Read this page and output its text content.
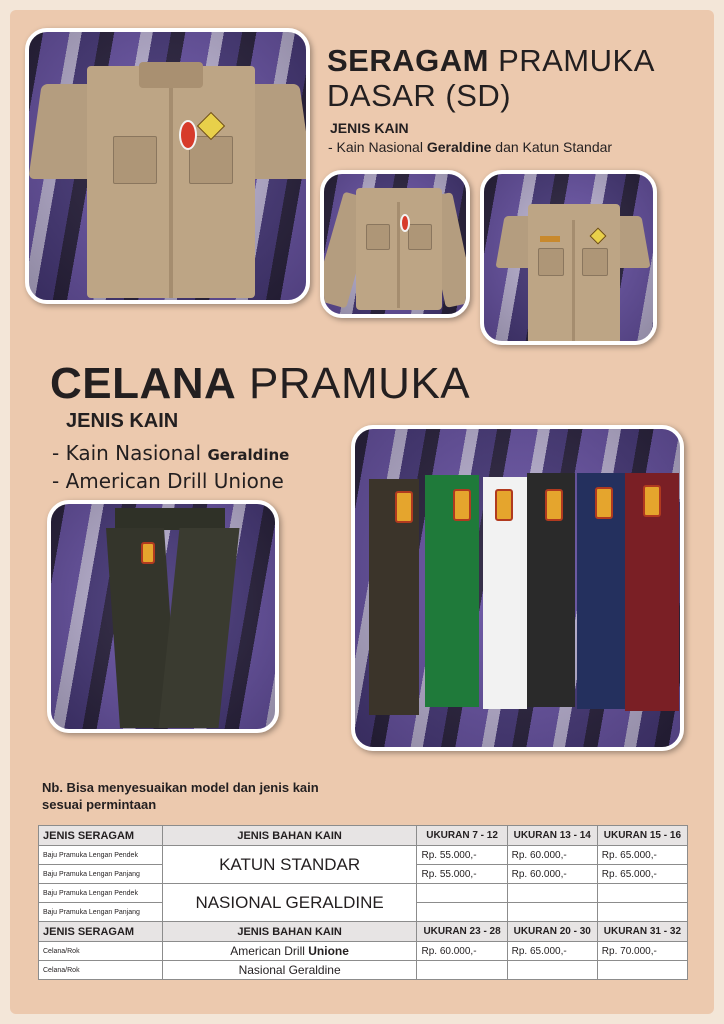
SERAGAM PRAMUKA
DASAR (SD)
JENIS KAIN
- Kain Nasional Geraldine dan Katun Standar
CELANA PRAMUKA
JENIS KAIN
- Kain Nasional Geraldine
- American Drill Unione
Nb. Bisa menyesuaikan model dan jenis kain
sesuai permintaan
JENIS SERAGAM	JENIS BAHAN KAIN	UKURAN 7 - 12	UKURAN 13 - 14	UKURAN 15 - 16
Baju Pramuka Lengan Pendek	KATUN STANDAR	Rp. 55.000,-	Rp. 60.000,-	Rp. 65.000,-
Baju Pramuka Lengan Panjang		Rp. 55.000,-	Rp. 60.000,-	Rp. 65.000,-
Baju Pramuka Lengan Pendek	NASIONAL GERALDINE			
Baju Pramuka Lengan Panjang				
JENIS SERAGAM	JENIS BAHAN KAIN	UKURAN 23 - 28	UKURAN 20 - 30	UKURAN 31 - 32
Celana/Rok	American Drill Unione	Rp. 60.000,-	Rp. 65.000,-	Rp. 70.000,-
Celana/Rok	Nasional Geraldine			
